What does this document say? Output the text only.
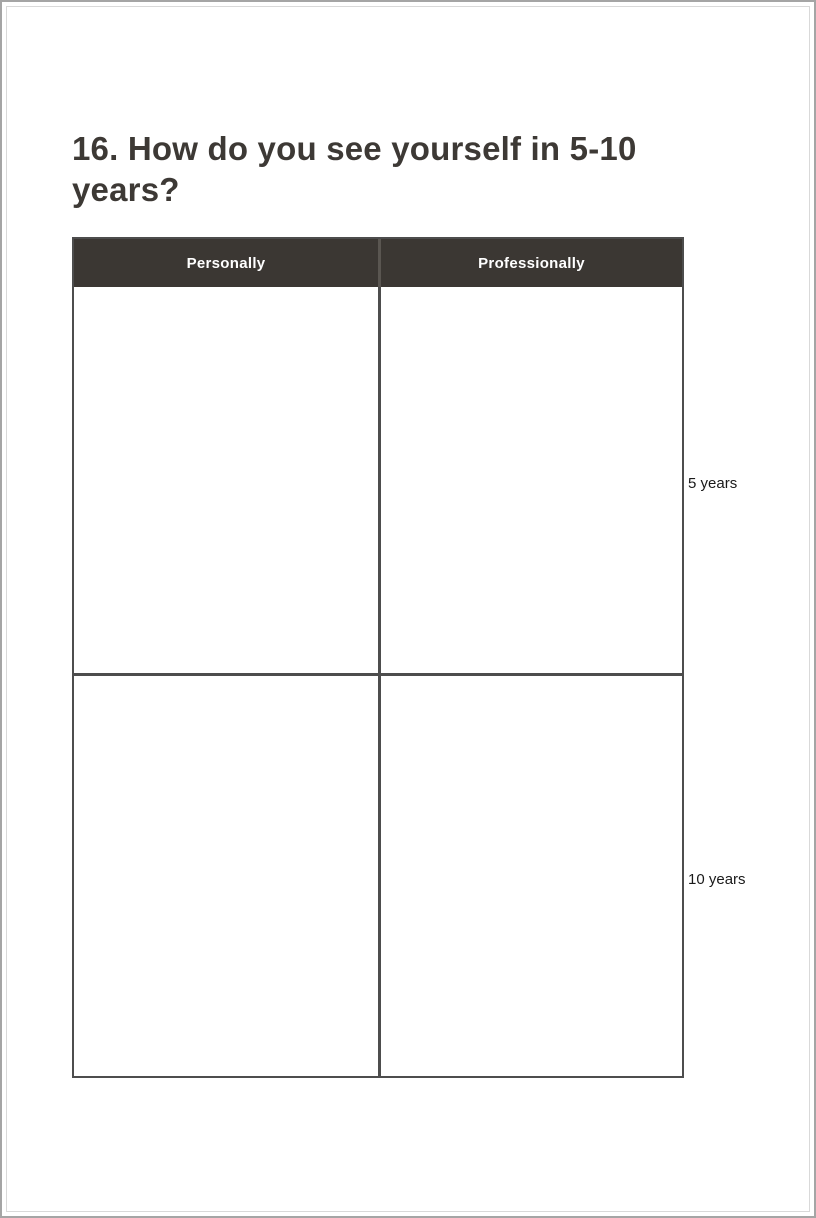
16. How do you see yourself in 5-10 years?
Personally	Professionally
5 years
10 years
